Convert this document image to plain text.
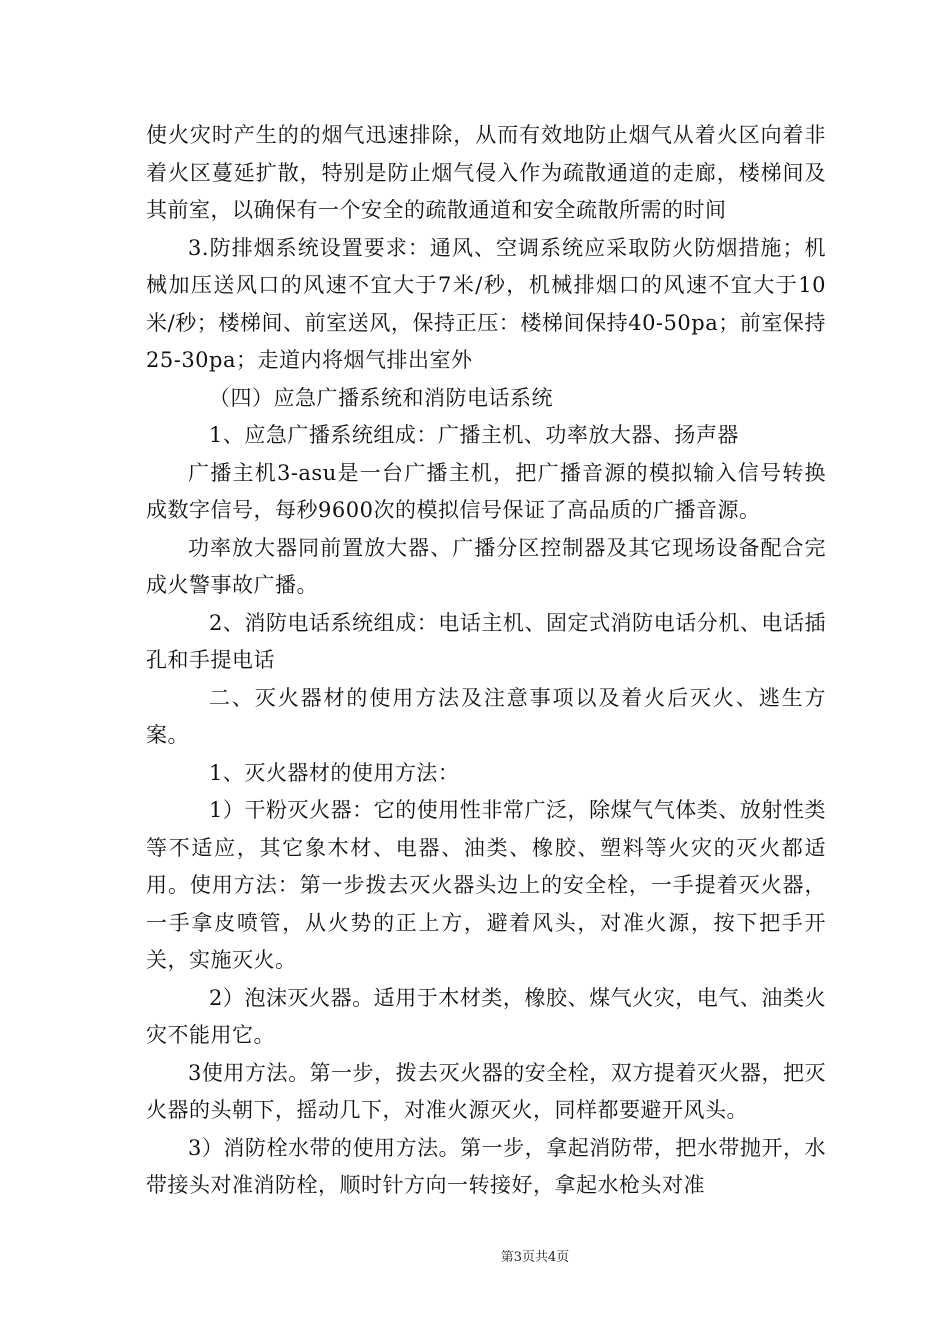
使火灾时产生的的烟气迅速排除，从而有效地防止烟气从着火区向着非着火区蔓延扩散，特别是防止烟气侵入作为疏散通道的走廊，楼梯间及其前室，以确保有一个安全的疏散通道和安全疏散所需的时间

3.防排烟系统设置要求：通风、空调系统应采取防火防烟措施；机械加压送风口的风速不宜大于7米/秒，机械排烟口的风速不宜大于10米/秒；楼梯间、前室送风，保持正压：楼梯间保持40-50pa；前室保持25-30pa；走道内将烟气排出室外

（四）应急广播系统和消防电话系统

1、应急广播系统组成：广播主机、功率放大器、扬声器

广播主机3-asu是一台广播主机，把广播音源的模拟输入信号转换成数字信号，每秒9600次的模拟信号保证了高品质的广播音源。

功率放大器同前置放大器、广播分区控制器及其它现场设备配合完成火警事故广播。

2、消防电话系统组成：电话主机、固定式消防电话分机、电话插孔和手提电话

二、灭火器材的使用方法及注意事项以及着火后灭火、逃生方案。

1、灭火器材的使用方法：

1）干粉灭火器：它的使用性非常广泛，除煤气气体类、放射性类等不适应，其它象木材、电器、油类、橡胶、塑料等火灾的灭火都适用。使用方法：第一步拨去灭火器头边上的安全栓，一手提着灭火器，一手拿皮喷管，从火势的正上方，避着风头，对准火源，按下把手开关，实施灭火。

2）泡沫灭火器。适用于木材类，橡胶、煤气火灾，电气、油类火灾不能用它。

3使用方法。第一步，拨去灭火器的安全栓，双方提着灭火器，把灭火器的头朝下，摇动几下，对准火源灭火，同样都要避开风头。

3）消防栓水带的使用方法。第一步，拿起消防带，把水带抛开，水带接头对准消防栓，顺时针方向一转接好，拿起水枪头对准

第3页共4页
